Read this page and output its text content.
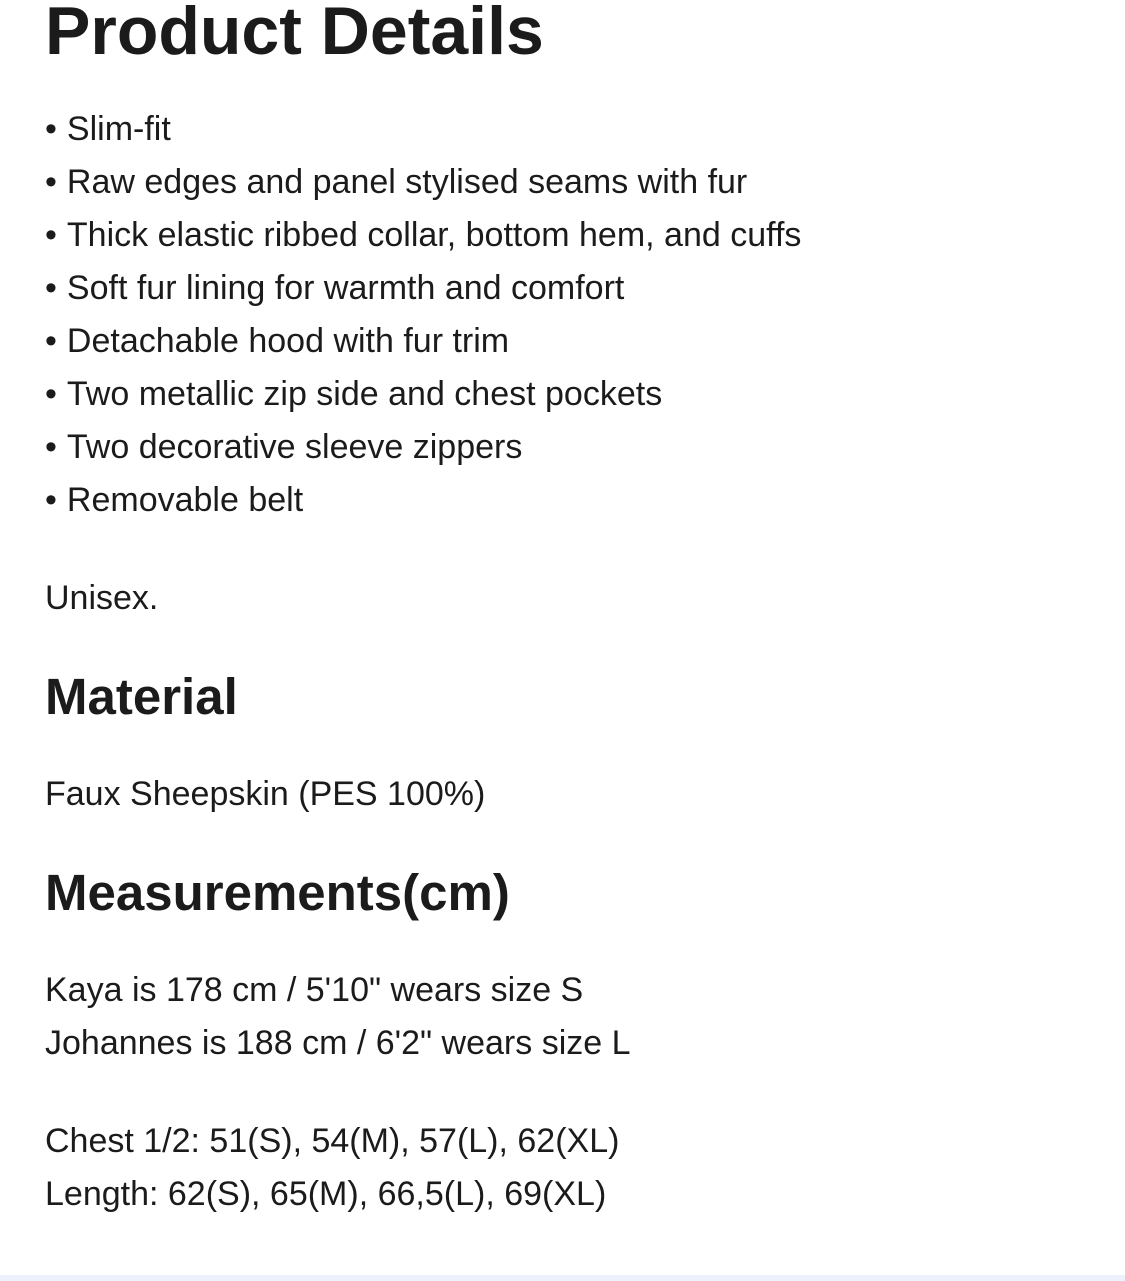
Product Details
• Slim-fit
• Raw edges and panel stylised seams with fur
• Thick elastic ribbed collar, bottom hem, and cuffs
• Soft fur lining for warmth and comfort
• Detachable hood with fur trim
• Two metallic zip side and chest pockets
• Two decorative sleeve zippers
• Removable belt

Unisex.

Material

Faux Sheepskin (PES 100%)

Measurements(cm)
Kaya is 178 cm / 5'10" wears size S
Johannes is 188 cm / 6'2" wears size L
Chest 1/2: 51(S), 54(M), 57(L), 62(XL)
Length: 62(S), 65(M), 66,5(L), 69(XL)
